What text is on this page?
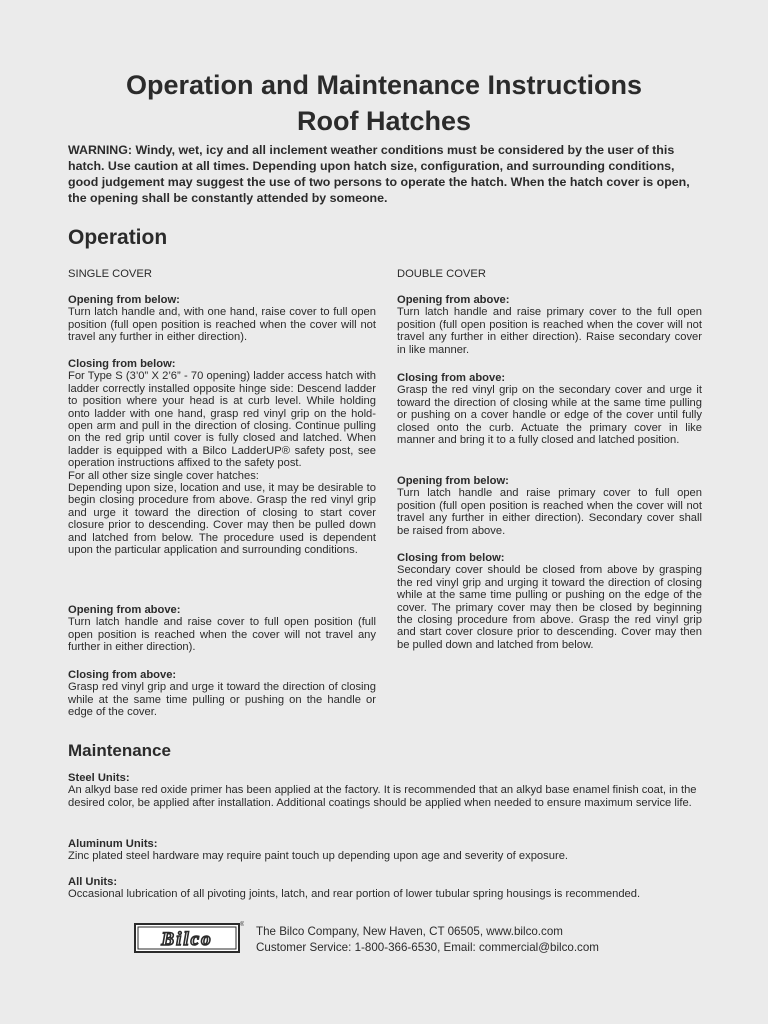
Operation and Maintenance Instructions
Roof Hatches
WARNING: Windy, wet, icy and all inclement weather conditions must be considered by the user of this hatch. Use caution at all times. Depending upon hatch size, configuration, and surrounding conditions, good judgement may suggest the use of two persons to operate the hatch. When the hatch cover is open, the opening shall be constantly attended by someone.
Operation
SINGLE COVER
Opening from below:
Turn latch handle and, with one hand, raise cover to full open position (full open position is reached when the cover will not travel any further in either direction).
Closing from below:
For Type S (3’0” X 2’6” - 70 opening) ladder access hatch with ladder correctly installed opposite hinge side: Descend ladder to position where your head is at curb level. While holding onto ladder with one hand, grasp red vinyl grip on the hold-open arm and pull in the direction of closing. Continue pulling on the red grip until cover is fully closed and latched. When ladder is equipped with a Bilco LadderUP® safety post, see operation instructions affixed to the safety post.
For all other size single cover hatches:
Depending upon size, location and use, it may be desirable to begin closing procedure from above. Grasp the red vinyl grip and urge it toward the direction of closing to start cover closure prior to descending. Cover may then be pulled down and latched from below. The procedure used is dependent upon the particular application and surrounding conditions.
Opening from above:
Turn latch handle and raise cover to full open position (full open position is reached when the cover will not travel any further in either direction).
Closing from above:
Grasp red vinyl grip and urge it toward the direction of closing while at the same time pulling or pushing on the handle or edge of the cover.
DOUBLE COVER
Opening from above:
Turn latch handle and raise primary cover to the full open position (full open position is reached when the cover will not travel any further in either direction). Raise secondary cover in like manner.
Closing from above:
Grasp the red vinyl grip on the secondary cover and urge it toward the direction of closing while at the same time pulling or pushing on a cover handle or edge of the cover until fully closed onto the curb. Actuate the primary cover in like manner and bring it to a fully closed and latched position.
Opening from below:
Turn latch handle and raise primary cover to full open position (full open position is reached when the cover will not travel any further in either direction). Secondary cover shall be raised from above.
Closing from below:
Secondary cover should be closed from above by grasping the red vinyl grip and urging it toward the direction of closing while at the same time pulling or pushing on the edge of the cover. The primary cover may then be closed by beginning the closing procedure from above. Grasp the red vinyl grip and start cover closure prior to descending. Cover may then be pulled down and latched from below.
Maintenance
Steel Units:
An alkyd base red oxide primer has been applied at the factory. It is recommended that an alkyd base enamel finish coat, in the desired color, be applied after installation. Additional coatings should be applied when needed to ensure maximum service life.
Aluminum Units:
Zinc plated steel hardware may require paint touch up depending upon age and severity of exposure.
All Units:
Occasional lubrication of all pivoting joints, latch, and rear portion of lower tubular spring housings is recommended.
Bilco
® The Bilco Company, New Haven, CT 06505, www.bilco.com
Customer Service: 1-800-366-6530, Email: commercial@bilco.com
